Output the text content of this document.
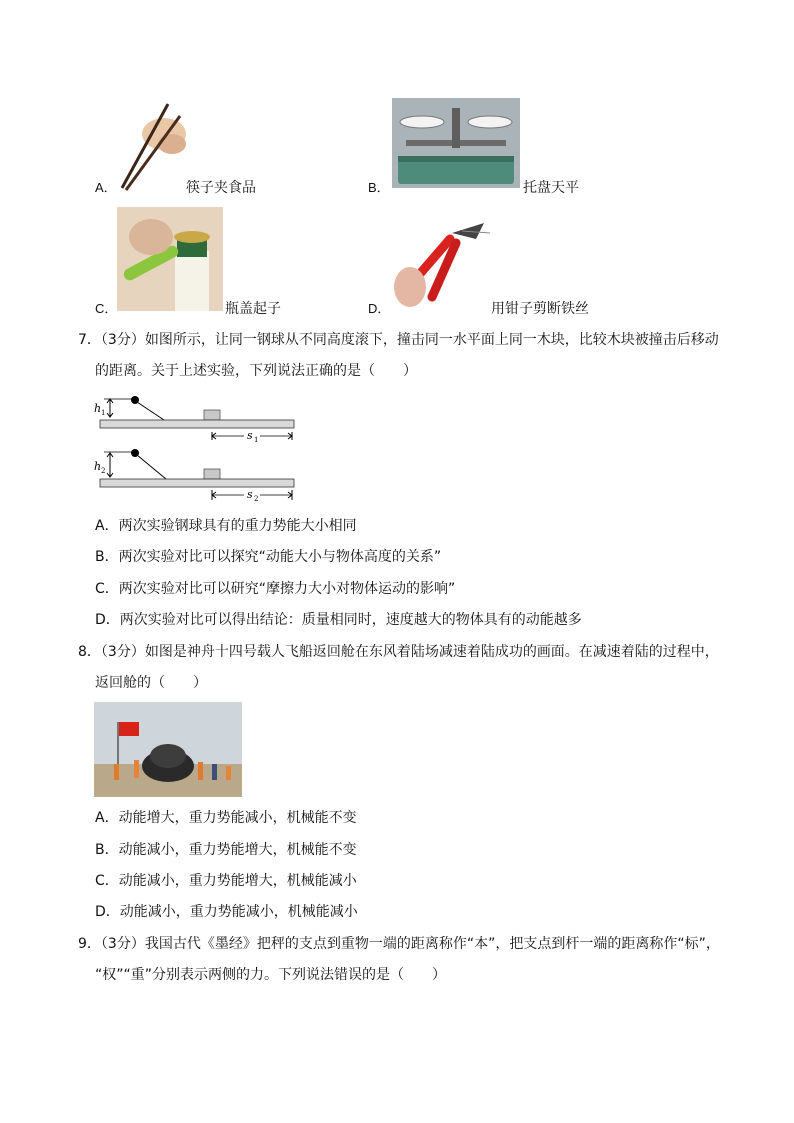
A．	筷子夹食品	B．	托盘天平
C．	瓶盖起子	D．	用钳子剪断铁丝
7．（3分）如图所示，让同一钢球从不同高度滚下，撞击同一水平面上同一木块，比较木块被撞击后移动
的距离。关于上述实验，下列说法正确的是（　　）
h 1
s 1
h 2
s 2
A．两次实验钢球具有的重力势能大小相同
B．两次实验对比可以探究“动能大小与物体高度的关系”
C．两次实验对比可以研究“摩擦力大小对物体运动的影响”
D．两次实验对比可以得出结论：质量相同时，速度越大的物体具有的动能越多
8．（3分）如图是神舟十四号载人飞船返回舱在东风着陆场减速着陆成功的画面。在减速着陆的过程中，
返回舱的（　　）
A．动能增大，重力势能减小，机械能不变
B．动能减小，重力势能增大，机械能不变
C．动能减小，重力势能增大，机械能减小
D．动能减小，重力势能减小，机械能减小
9．（3分）我国古代《墨经》把秤的支点到重物一端的距离称作“本”，把支点到杆一端的距离称作“标”，
“权”“重”分别表示两侧的力。下列说法错误的是（　　）
